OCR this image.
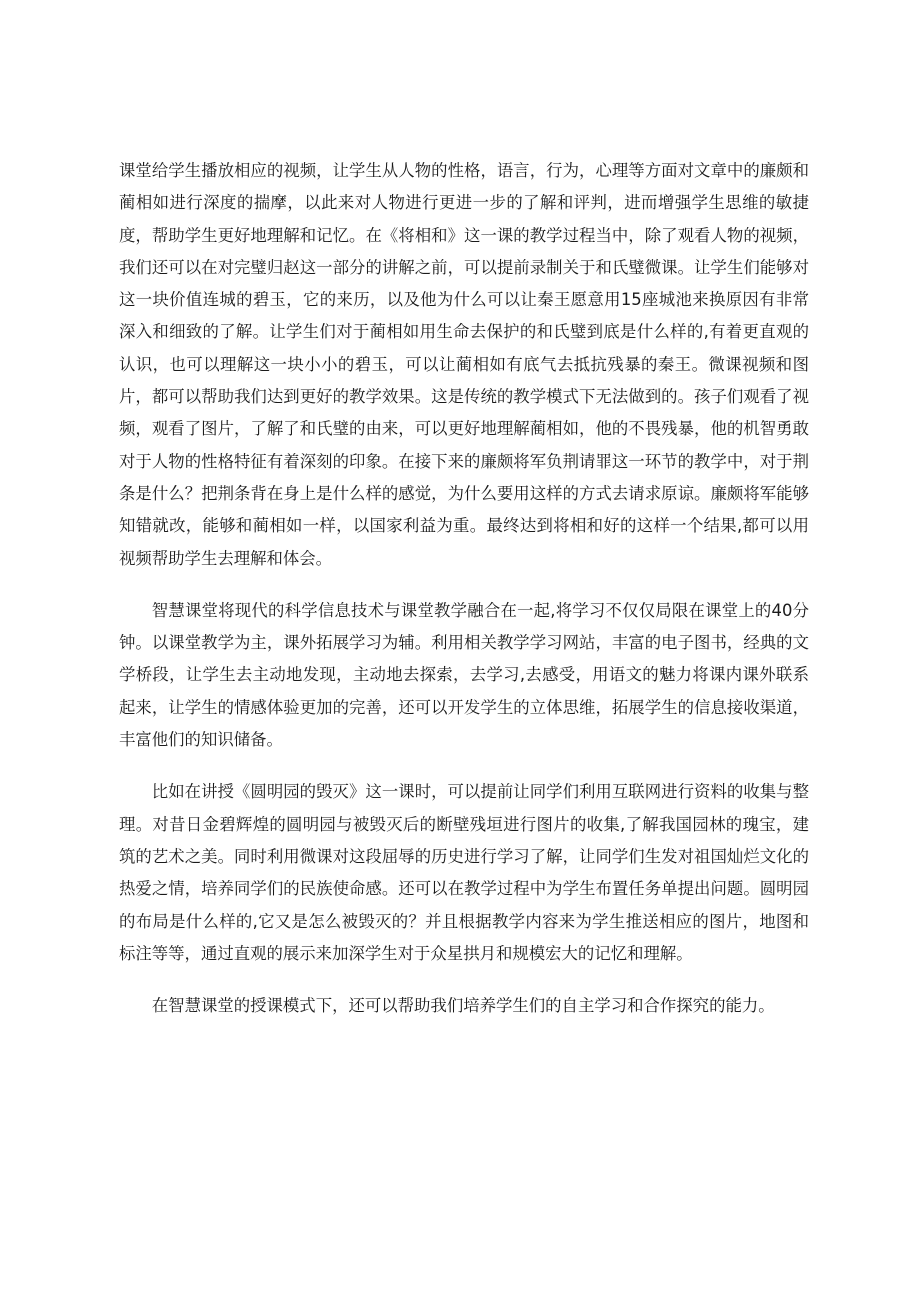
课堂给学生播放相应的视频，让学生从人物的性格，语言，行为，心理等方面对文章中的廉颇和蔺相如进行深度的揣摩，以此来对人物进行更进一步的了解和评判，进而增强学生思维的敏捷度，帮助学生更好地理解和记忆。在《将相和》这一课的教学过程当中，除了观看人物的视频，我们还可以在对完璧归赵这一部分的讲解之前，可以提前录制关于和氏璧微课。让学生们能够对这一块价值连城的碧玉，它的来历，以及他为什么可以让秦王愿意用15座城池来换原因有非常深入和细致的了解。让学生们对于蔺相如用生命去保护的和氏璧到底是什么样的,有着更直观的认识，也可以理解这一块小小的碧玉，可以让蔺相如有底气去抵抗残暴的秦王。微课视频和图片，都可以帮助我们达到更好的教学效果。这是传统的教学模式下无法做到的。孩子们观看了视频，观看了图片，了解了和氏璧的由来，可以更好地理解蔺相如，他的不畏残暴，他的机智勇敢对于人物的性格特征有着深刻的印象。在接下来的廉颇将军负荆请罪这一环节的教学中，对于荆条是什么？把荆条背在身上是什么样的感觉，为什么要用这样的方式去请求原谅。廉颇将军能够知错就改，能够和蔺相如一样，以国家利益为重。最终达到将相和好的这样一个结果,都可以用视频帮助学生去理解和体会。

智慧课堂将现代的科学信息技术与课堂教学融合在一起,将学习不仅仅局限在课堂上的40分钟。以课堂教学为主，课外拓展学习为辅。利用相关教学学习网站，丰富的电子图书，经典的文学桥段，让学生去主动地发现，主动地去探索，去学习,去感受，用语文的魅力将课内课外联系起来，让学生的情感体验更加的完善，还可以开发学生的立体思维，拓展学生的信息接收渠道，丰富他们的知识储备。

比如在讲授《圆明园的毁灭》这一课时，可以提前让同学们利用互联网进行资料的收集与整理。对昔日金碧辉煌的圆明园与被毁灭后的断壁残垣进行图片的收集,了解我国园林的瑰宝，建筑的艺术之美。同时利用微课对这段屈辱的历史进行学习了解，让同学们生发对祖国灿烂文化的热爱之情，培养同学们的民族使命感。还可以在教学过程中为学生布置任务单提出问题。圆明园的布局是什么样的,它又是怎么被毁灭的？并且根据教学内容来为学生推送相应的图片，地图和标注等等，通过直观的展示来加深学生对于众星拱月和规模宏大的记忆和理解。

在智慧课堂的授课模式下，还可以帮助我们培养学生们的自主学习和合作探究的能力。
